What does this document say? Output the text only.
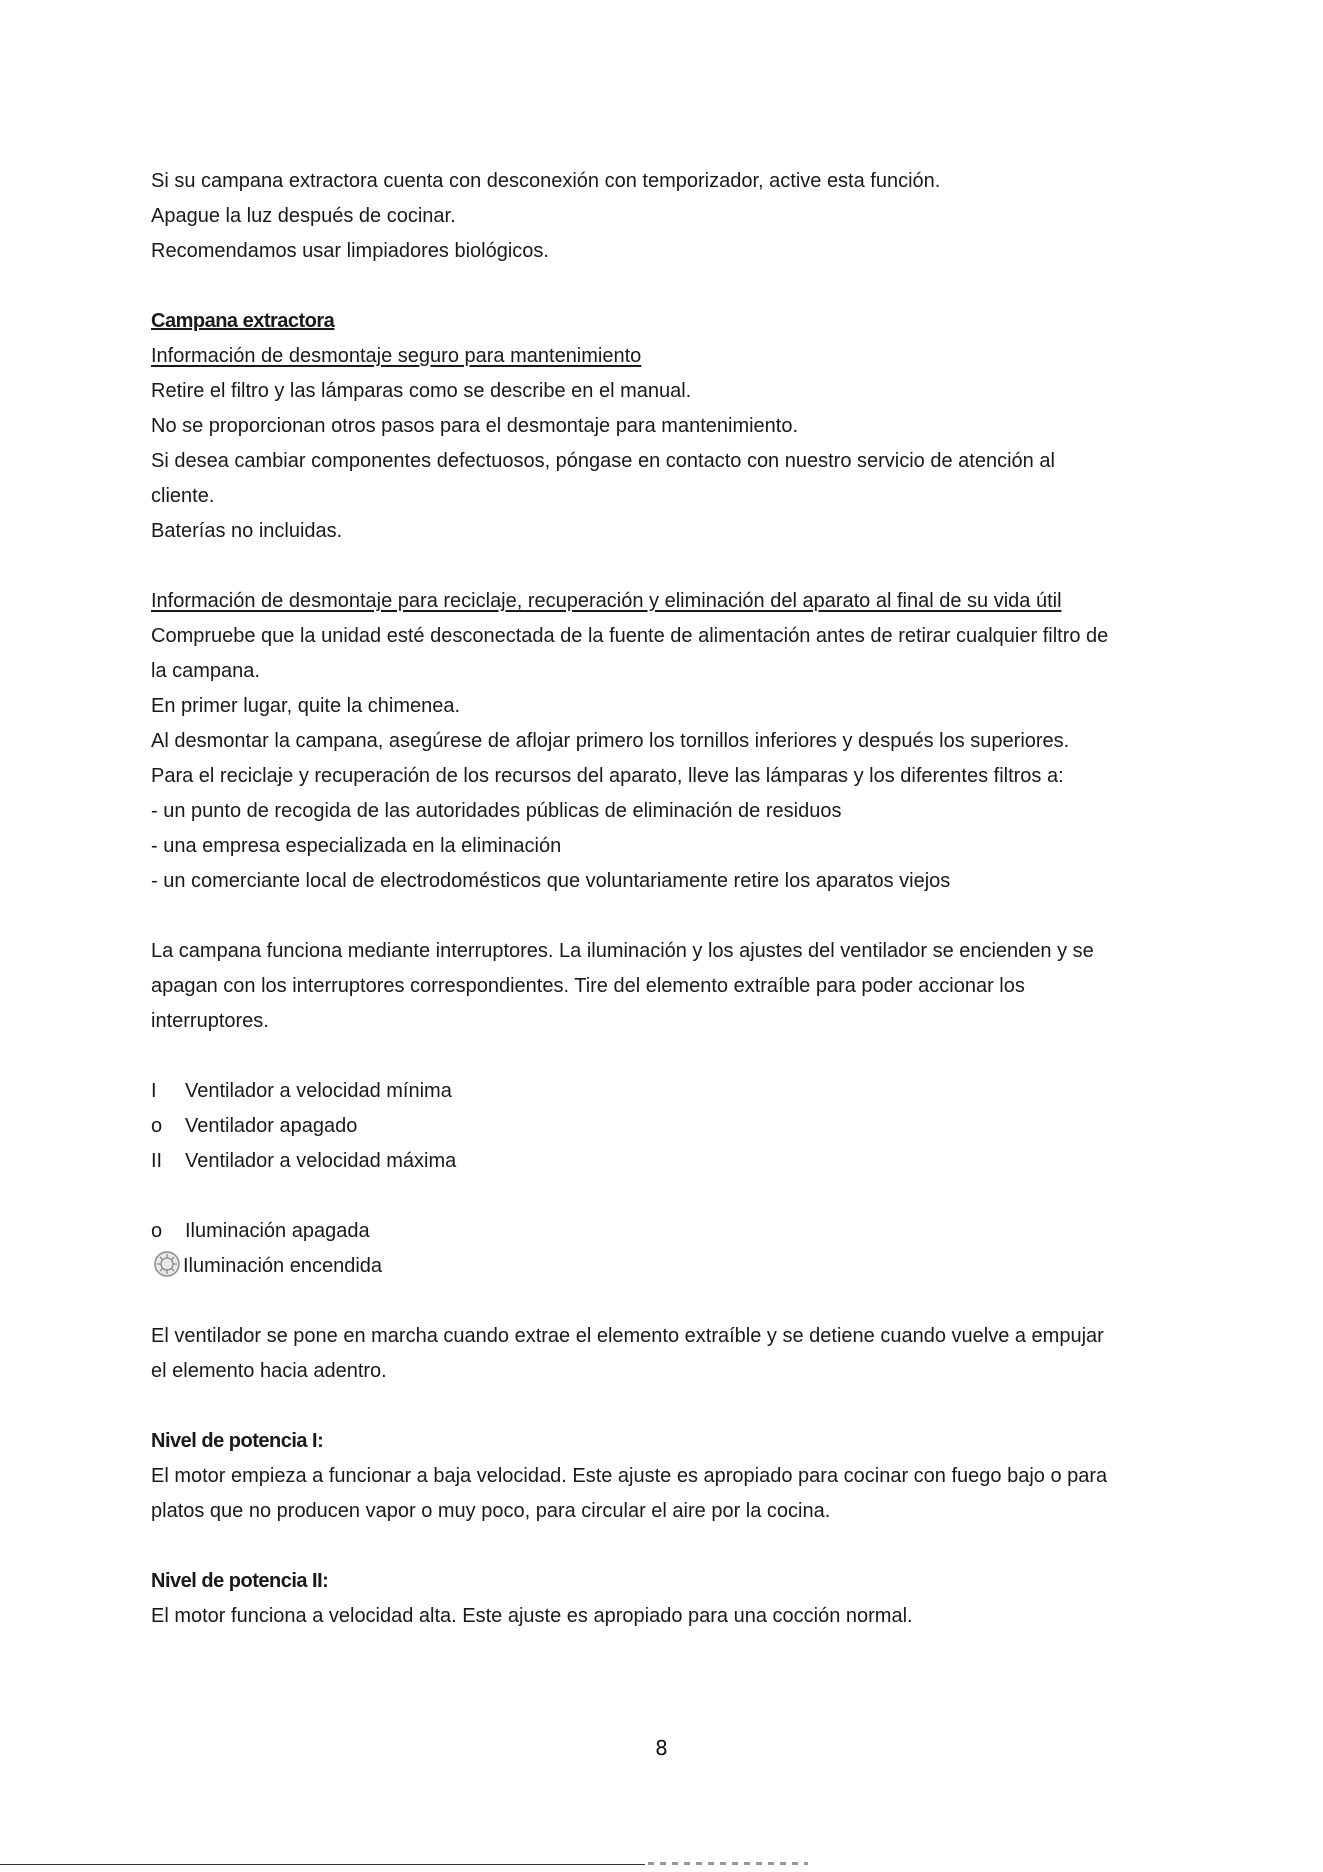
Si su campana extractora cuenta con desconexión con temporizador, active esta función.

Apague la luz después de cocinar.

Recomendamos usar limpiadores biológicos.

Campana extractora

Información de desmontaje seguro para mantenimiento

Retire el filtro y las lámparas como se describe en el manual.

No se proporcionan otros pasos para el desmontaje para mantenimiento.

Si desea cambiar componentes defectuosos, póngase en contacto con nuestro servicio de atención al

cliente.

Baterías no incluidas.

Información de desmontaje para reciclaje, recuperación y eliminación del aparato al final de su vida útil

Compruebe que la unidad esté desconectada de la fuente de alimentación antes de retirar cualquier filtro de

la campana.

En primer lugar, quite la chimenea.

Al desmontar la campana, asegúrese de aflojar primero los tornillos inferiores y después los superiores.

Para el reciclaje y recuperación de los recursos del aparato, lleve las lámparas y los diferentes filtros a:

- un punto de recogida de las autoridades públicas de eliminación de residuos

- una empresa especializada en la eliminación

- un comerciante local de electrodomésticos que voluntariamente retire los aparatos viejos

La campana funciona mediante interruptores. La iluminación y los ajustes del ventilador se encienden y se

apagan con los interruptores correspondientes. Tire del elemento extraíble para poder accionar los

interruptores.

I	Ventilador a velocidad mínima

o	Ventilador apagado

II	Ventilador a velocidad máxima

o	Iluminación apagada

Iluminación encendida

El ventilador se pone en marcha cuando extrae el elemento extraíble y se detiene cuando vuelve a empujar

el elemento hacia adentro.

Nivel de potencia I:

El motor empieza a funcionar a baja velocidad. Este ajuste es apropiado para cocinar con fuego bajo o para

platos que no producen vapor o muy poco, para circular el aire por la cocina.

Nivel de potencia II:

El motor funciona a velocidad alta. Este ajuste es apropiado para una cocción normal.

8
